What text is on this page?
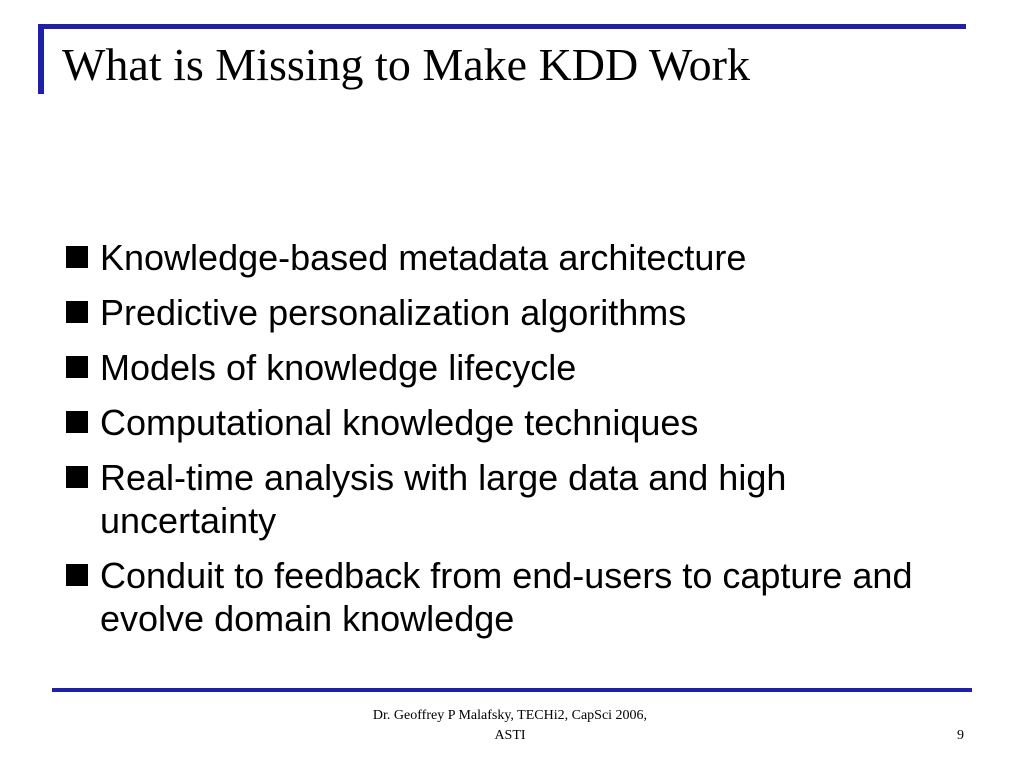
What is Missing to Make KDD Work
Knowledge-based metadata architecture
Predictive personalization algorithms
Models of knowledge lifecycle
Computational knowledge techniques
Real-time analysis with large data and high uncertainty
Conduit to feedback from end-users to capture and evolve domain knowledge
Dr. Geoffrey P Malafsky, TECHi2, CapSci 2006,
ASTI	9
